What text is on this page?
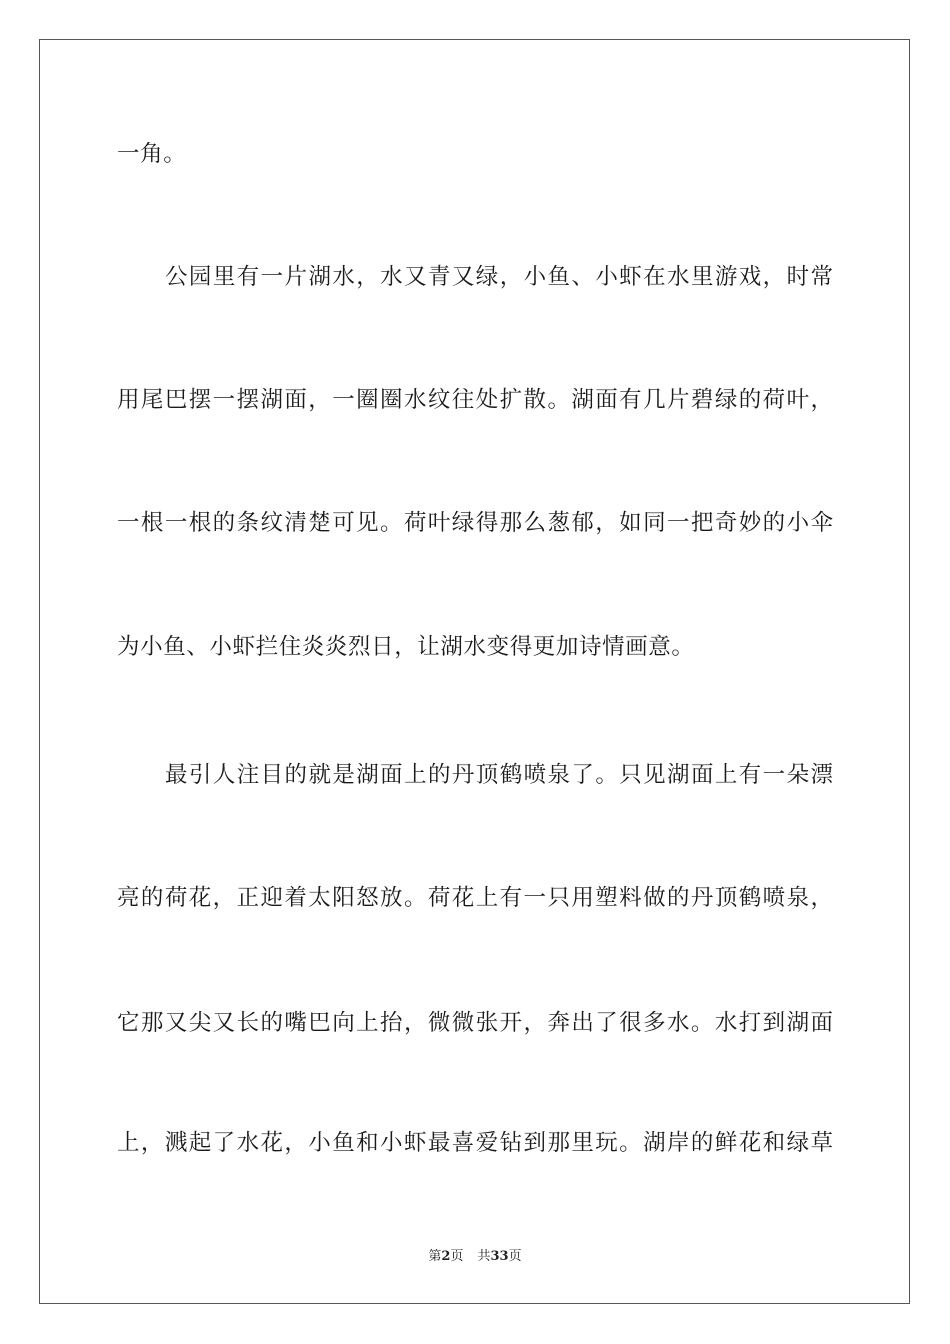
一角。
公园里有一片湖水，水又青又绿，小鱼、小虾在水里游戏，时常
用尾巴摆一摆湖面，一圈圈水纹往处扩散。湖面有几片碧绿的荷叶，
一根一根的条纹清楚可见。荷叶绿得那么葱郁，如同一把奇妙的小伞
为小鱼、小虾拦住炎炎烈日，让湖水变得更加诗情画意。
最引人注目的就是湖面上的丹顶鹤喷泉了。只见湖面上有一朵漂
亮的荷花，正迎着太阳怒放。荷花上有一只用塑料做的丹顶鹤喷泉，
它那又尖又长的嘴巴向上抬，微微张开，奔出了很多水。水打到湖面
上，溅起了水花，小鱼和小虾最喜爱钻到那里玩。湖岸的鲜花和绿草
第2页 共33页
